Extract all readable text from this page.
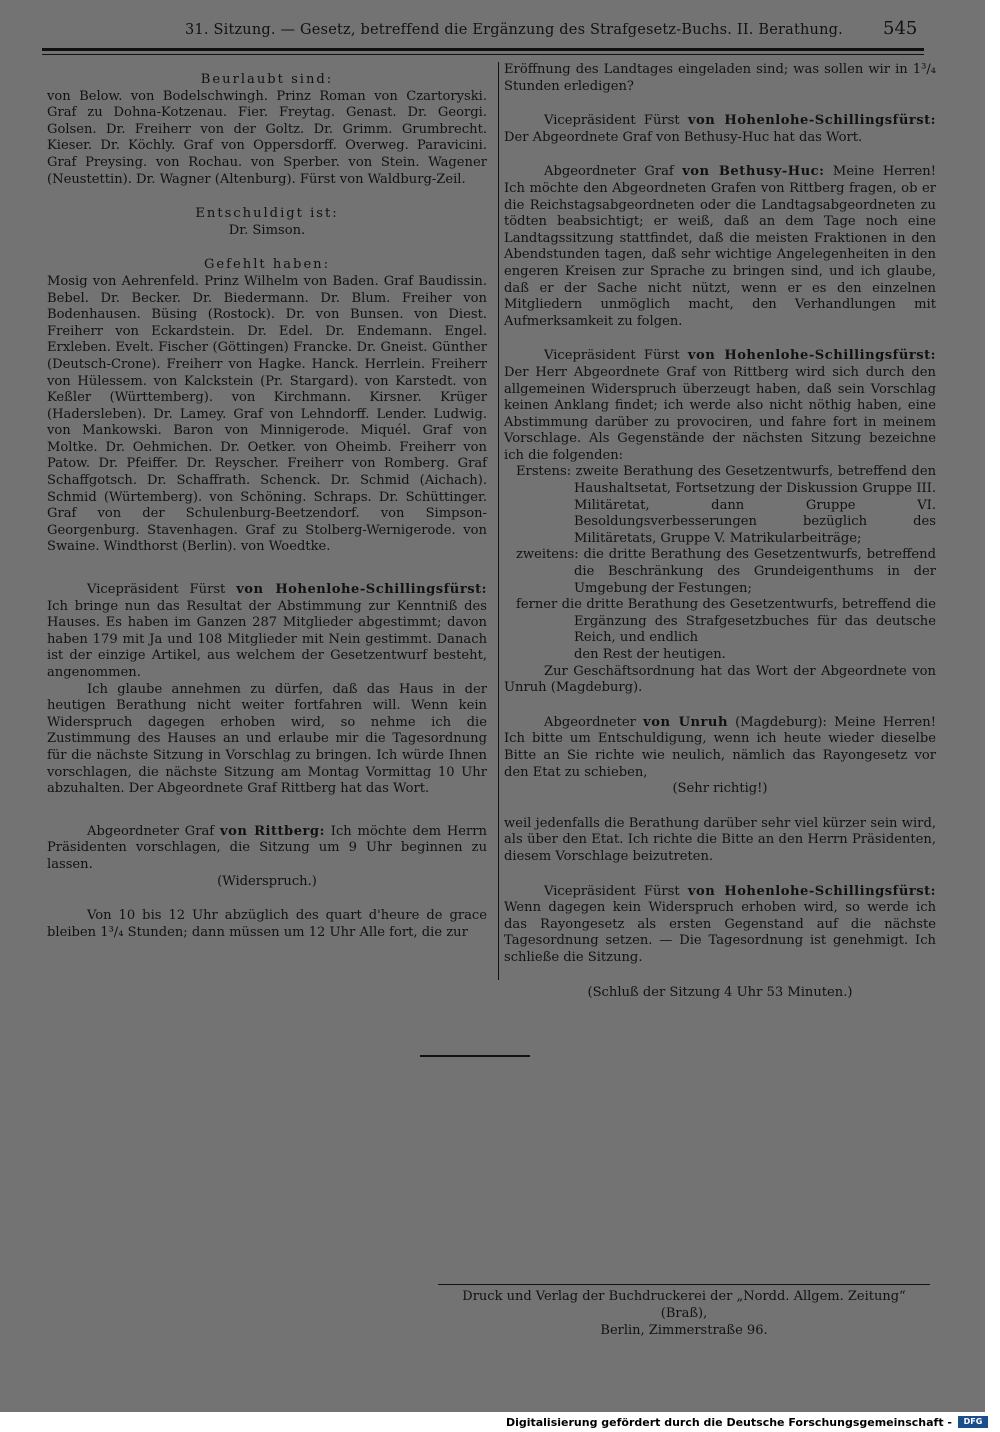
31. Sitzung. — Gesetz, betreffend die Ergänzung des Strafgesetz-Buchs. II. Berathung. 545

Beurlaubt sind:

von Below. von Bodelschwingh. Prinz Roman von Czartoryski. Graf zu Dohna-Kotzenau. Fier. Freytag. Genast. Dr. Georgi. Golsen. Dr. Freiherr von der Goltz. Dr. Grimm. Grumbrecht. Kieser. Dr. Köchly. Graf von Oppersdorff. Overweg. Paravicini. Graf Preysing. von Rochau. von Sperber. von Stein. Wagener (Neustettin). Dr. Wagner (Altenburg). Fürst von Waldburg-Zeil.

Entschuldigt ist:

Dr. Simson.

Gefehlt haben:

Mosig von Aehrenfeld. Prinz Wilhelm von Baden. Graf Baudissin. Bebel. Dr. Becker. Dr. Biedermann. Dr. Blum. Freiher von Bodenhausen. Büsing (Rostock). Dr. von Bunsen. von Diest. Freiherr von Eckardstein. Dr. Edel. Dr. Endemann. Engel. Erxleben. Evelt. Fischer (Göttingen) Francke. Dr. Gneist. Günther (Deutsch-Crone). Freiherr von Hagke. Hanck. Herrlein. Freiherr von Hülessem. von Kalckstein (Pr. Stargard). von Karstedt. von Keßler (Württemberg). von Kirchmann. Kirsner. Krüger (Hadersleben). Dr. Lamey. Graf von Lehndorff. Lender. Ludwig. von Mankowski. Baron von Minnigerode. Miquél. Graf von Moltke. Dr. Oehmichen. Dr. Oetker. von Oheimb. Freiherr von Patow. Dr. Pfeiffer. Dr. Reyscher. Freiherr von Romberg. Graf Schaffgotsch. Dr. Schaffrath. Schenck. Dr. Schmid (Aichach). Schmid (Würtemberg). von Schöning. Schraps. Dr. Schüttinger. Graf von der Schulenburg-Beetzendorf. von Simpson-Georgenburg. Stavenhagen. Graf zu Stolberg-Wernigerode. von Swaine. Windthorst (Berlin). von Woedtke.

Vicepräsident Fürst von Hohenlohe-Schillingsfürst: Ich bringe nun das Resultat der Abstimmung zur Kenntniß des Hauses. Es haben im Ganzen 287 Mitglieder abgestimmt; davon haben 179 mit Ja und 108 Mitglieder mit Nein gestimmt. Danach ist der einzige Artikel, aus welchem der Gesetzentwurf besteht, angenommen.

Ich glaube annehmen zu dürfen, daß das Haus in der heutigen Berathung nicht weiter fortfahren will. Wenn kein Widerspruch dagegen erhoben wird, so nehme ich die Zustimmung des Hauses an und erlaube mir die Tagesordnung für die nächste Sitzung in Vorschlag zu bringen. Ich würde Ihnen vorschlagen, die nächste Sitzung am Montag Vormittag 10 Uhr abzuhalten. Der Abgeordnete Graf Rittberg hat das Wort.

Abgeordneter Graf von Rittberg: Ich möchte dem Herrn Präsidenten vorschlagen, die Sitzung um 9 Uhr beginnen zu lassen.

(Widerspruch.)

Von 10 bis 12 Uhr abzüglich des quart d'heure de grace bleiben 1³/₄ Stunden; dann müssen um 12 Uhr Alle fort, die zur

Eröffnung des Landtages eingeladen sind; was sollen wir in 1³/₄ Stunden erledigen?

Vicepräsident Fürst von Hohenlohe-Schillingsfürst: Der Abgeordnete Graf von Bethusy-Huc hat das Wort.

Abgeordneter Graf von Bethusy-Huc: Meine Herren! Ich möchte den Abgeordneten Grafen von Rittberg fragen, ob er die Reichstagsabgeordneten oder die Landtagsabgeordneten zu tödten beabsichtigt; er weiß, daß an dem Tage noch eine Landtagssitzung stattfindet, daß die meisten Fraktionen in den Abendstunden tagen, daß sehr wichtige Angelegenheiten in den engeren Kreisen zur Sprache zu bringen sind, und ich glaube, daß er der Sache nicht nützt, wenn er es den einzelnen Mitgliedern unmöglich macht, den Verhandlungen mit Aufmerksamkeit zu folgen.

Vicepräsident Fürst von Hohenlohe-Schillingsfürst: Der Herr Abgeordnete Graf von Rittberg wird sich durch den allgemeinen Widerspruch überzeugt haben, daß sein Vorschlag keinen Anklang findet; ich werde also nicht nöthig haben, eine Abstimmung darüber zu provociren, und fahre fort in meinem Vorschlage. Als Gegenstände der nächsten Sitzung bezeichne ich die folgenden:

Erstens: zweite Berathung des Gesetzentwurfs, betreffend den Haushaltsetat, Fortsetzung der Diskussion Gruppe III. Militäretat, dann Gruppe VI. Besoldungsverbesserungen bezüglich des Militäretats, Gruppe V. Matrikularbeiträge;

zweitens: die dritte Berathung des Gesetzentwurfs, betreffend die Beschränkung des Grundeigenthums in der Umgebung der Festungen;

ferner die dritte Berathung des Gesetzentwurfs, betreffend die Ergänzung des Strafgesetzbuches für das deutsche Reich, und endlich

den Rest der heutigen.

Zur Geschäftsordnung hat das Wort der Abgeordnete von Unruh (Magdeburg).

Abgeordneter von Unruh (Magdeburg): Meine Herren! Ich bitte um Entschuldigung, wenn ich heute wieder dieselbe Bitte an Sie richte wie neulich, nämlich das Rayongesetz vor den Etat zu schieben,

(Sehr richtig!)

weil jedenfalls die Berathung darüber sehr viel kürzer sein wird, als über den Etat. Ich richte die Bitte an den Herrn Präsidenten, diesem Vorschlage beizutreten.

Vicepräsident Fürst von Hohenlohe-Schillingsfürst: Wenn dagegen kein Widerspruch erhoben wird, so werde ich das Rayongesetz als ersten Gegenstand auf die nächste Tagesordnung setzen. — Die Tagesordnung ist genehmigt. Ich schließe die Sitzung.

(Schluß der Sitzung 4 Uhr 53 Minuten.)

Druck und Verlag der Buchdruckerei der „Nordd. Allgem. Zeitung“ (Braß),
Berlin, Zimmerstraße 96.
Digitalisierung gefördert durch die Deutsche Forschungsgemeinschaft -	DFG
